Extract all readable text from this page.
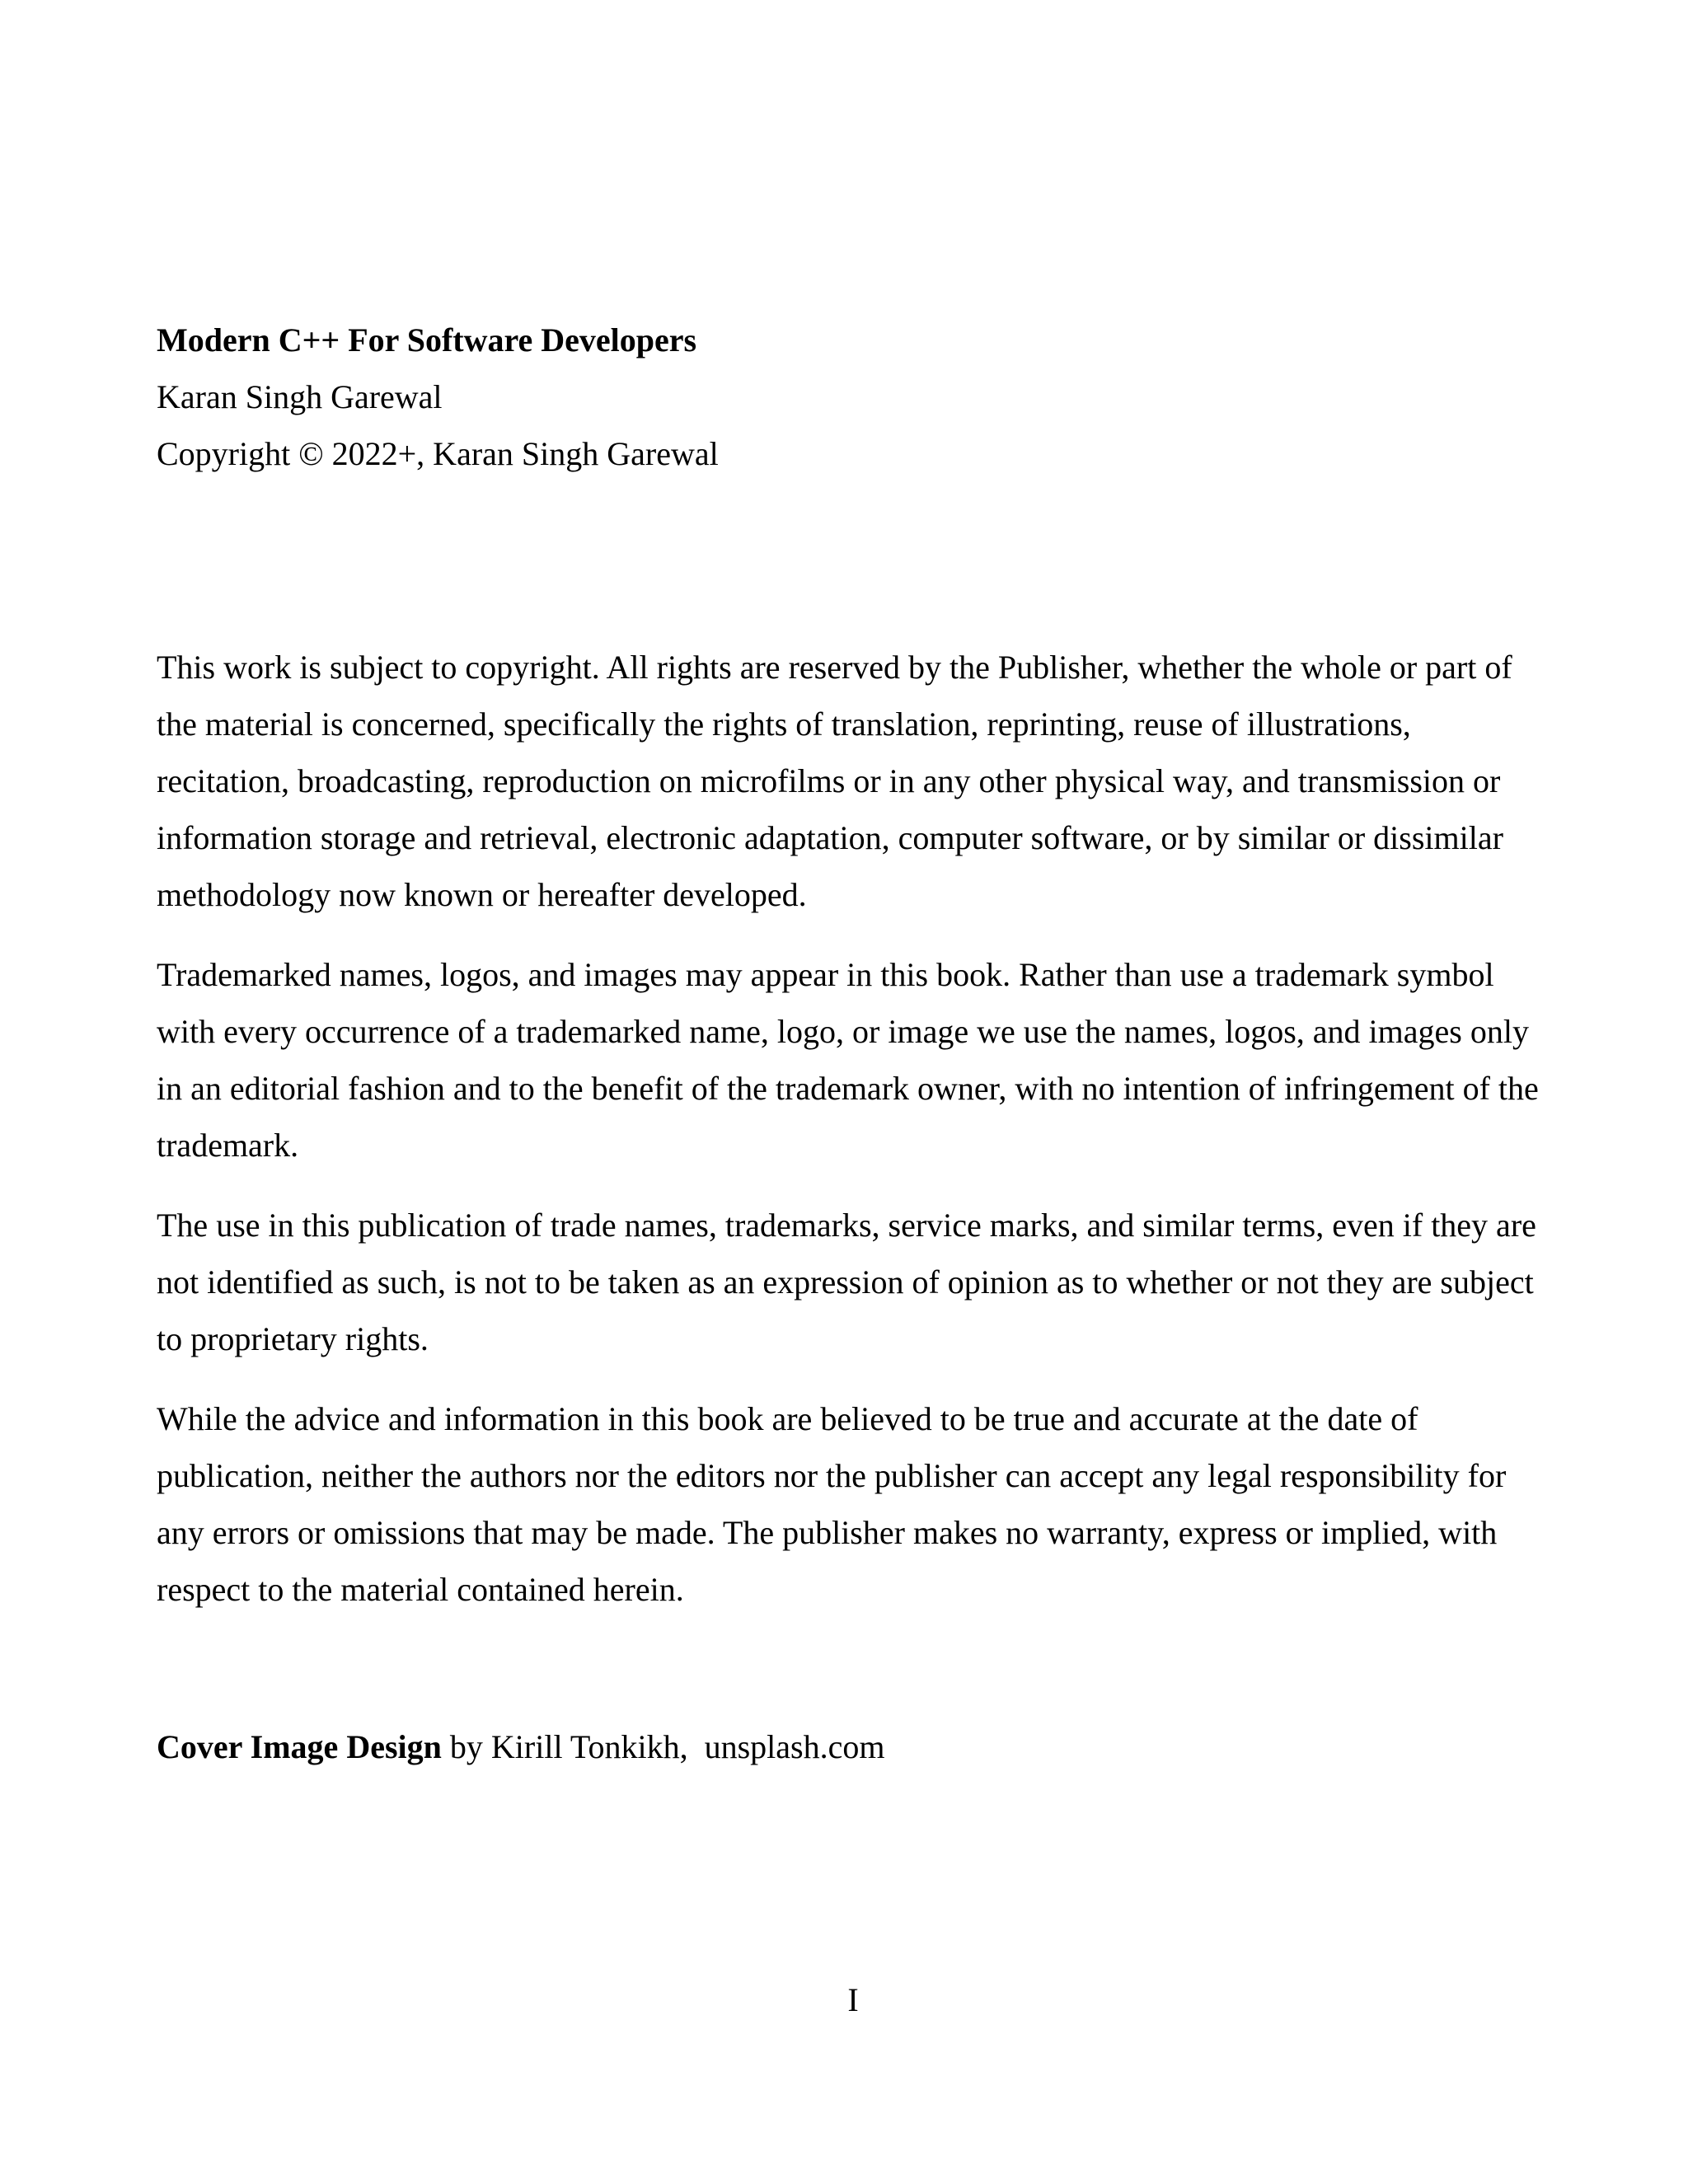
Modern C++ For Software Developers
Karan Singh Garewal
Copyright © 2022+, Karan Singh Garewal

This work is subject to copyright. All rights are reserved by the Publisher, whether the whole or part of the material is concerned, specifically the rights of translation, reprinting, reuse of illustrations, recitation, broadcasting, reproduction on microfilms or in any other physical way, and transmission or information storage and retrieval, electronic adaptation, computer software, or by similar or dissimilar methodology now known or hereafter developed.

Trademarked names, logos, and images may appear in this book. Rather than use a trademark symbol with every occurrence of a trademarked name, logo, or image we use the names, logos, and images only in an editorial fashion and to the benefit of the trademark owner, with no intention of infringement of the trademark.

The use in this publication of trade names, trademarks, service marks, and similar terms, even if they are not identified as such, is not to be taken as an expression of opinion as to whether or not they are subject to proprietary rights.

While the advice and information in this book are believed to be true and accurate at the date of publication, neither the authors nor the editors nor the publisher can accept any legal responsibility for any errors or omissions that may be made. The publisher makes no warranty, express or implied, with respect to the material contained herein.

Cover Image Design by Kirill Tonkikh,  unsplash.com
I
